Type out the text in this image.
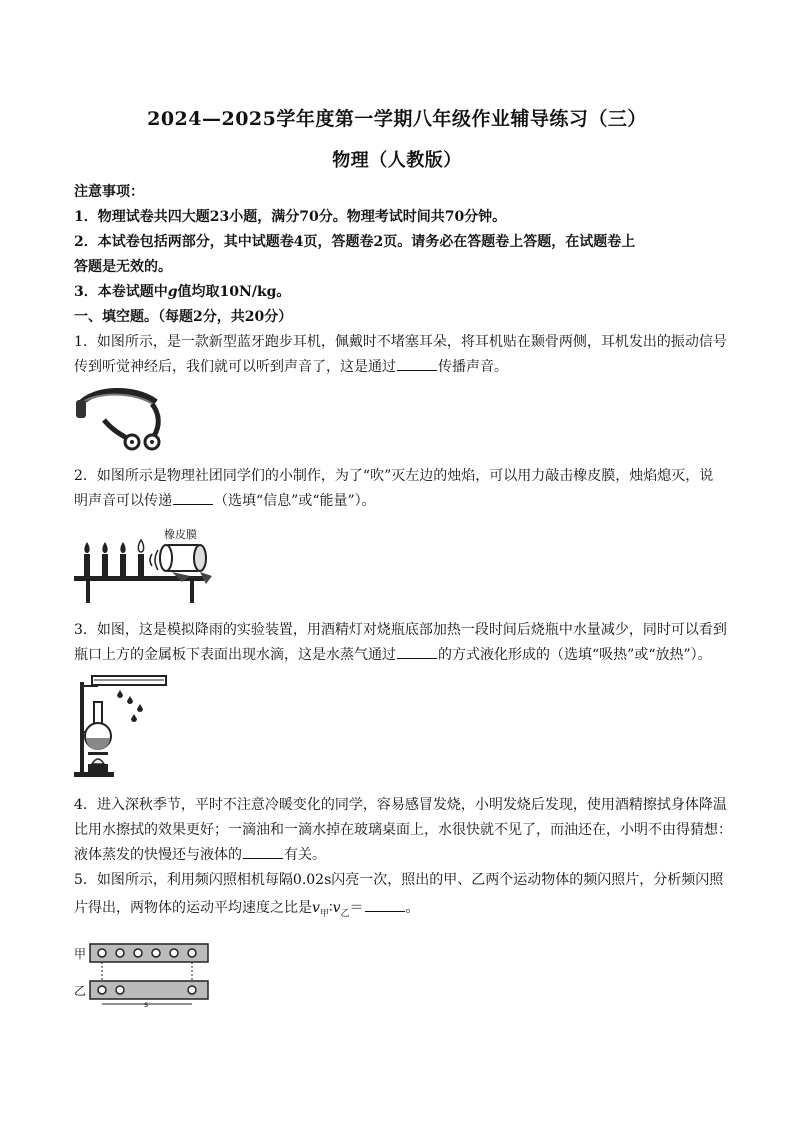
2024—2025学年度第一学期八年级作业辅导练习（三）
物理（人教版）
注意事项：
1．物理试卷共四大题23小题，满分70分。物理考试时间共70分钟。
2．本试卷包括两部分，其中试题卷4页，答题卷2页。请务必在答题卷上答题，在试题卷上
答题是无效的。
3．本卷试题中g值均取10N/kg。
一、填空题。（每题2分，共20分）
1．如图所示，是一款新型蓝牙跑步耳机，佩戴时不堵塞耳朵，将耳机贴在颞骨两侧，耳机发出的振动信号
传到听觉神经后，我们就可以听到声音了，这是通过	传播声音。
2．如图所示是物理社团同学们的小制作，为了“吹”灭左边的烛焰，可以用力敲击橡皮膜，烛焰熄灭，说
明声音可以传递	（选填“信息”或“能量”）。
橡皮膜
3．如图，这是模拟降雨的实验装置，用酒精灯对烧瓶底部加热一段时间后烧瓶中水量减少，同时可以看到
瓶口上方的金属板下表面出现水滴，这是水蒸气通过	的方式液化形成的（选填“吸热”或“放热”）。
4．进入深秋季节，平时不注意冷暖变化的同学，容易感冒发烧，小明发烧后发现，使用酒精擦拭身体降温
比用水擦拭的效果更好；一滴油和一滴水掉在玻璃桌面上，水很快就不见了，而油还在，小明不由得猜想：
液体蒸发的快慢还与液体的	有关。
5．如图所示，利用频闪照相机每隔0.02s闪亮一次，照出的甲、乙两个运动物体的频闪照片，分析频闪照
片得出，两物体的运动平均速度之比是$v_甲∶v_乙=$	。
甲
乙
s
